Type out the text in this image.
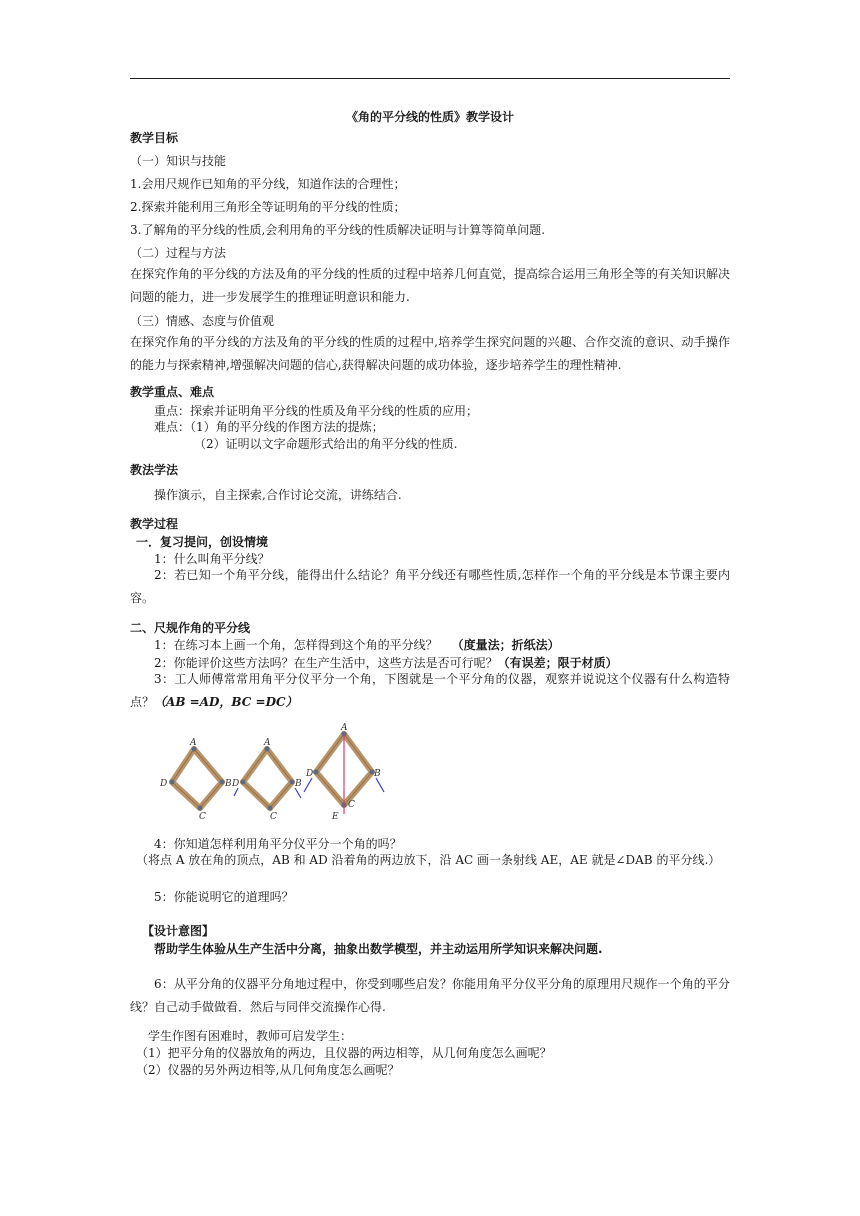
《角的平分线的性质》教学设计
教学目标
（一）知识与技能
1.会用尺规作已知角的平分线，知道作法的合理性；
2.探索并能利用三角形全等证明角的平分线的性质；
3.了解角的平分线的性质,会利用角的平分线的性质解决证明与计算等简单问题.
（二）过程与方法
在探究作角的平分线的方法及角的平分线的性质的过程中培养几何直觉，提高综合运用三角形全等的有关知识解决问题的能力，进一步发展学生的推理证明意识和能力.
（三）情感、态度与价值观
在探究作角的平分线的方法及角的平分线的性质的过程中,培养学生探究问题的兴趣、合作交流的意识、动手操作的能力与探索精神,增强解决问题的信心,获得解决问题的成功体验，逐步培养学生的理性精神.
教学重点、难点
重点：探索并证明角平分线的性质及角平分线的性质的应用；
难点：（1）角的平分线的作图方法的提炼；
（2）证明以文字命题形式给出的角平分线的性质.
教法学法
操作演示，自主探索,合作讨论交流，讲练结合.
教学过程
一．复习提问，创设情境
1：什么叫角平分线？
2：若已知一个角平分线，能得出什么结论？角平分线还有哪些性质,怎样作一个角的平分线是本节课主要内容。
二、尺规作角的平分线
1：在练习本上画一个角，怎样得到这个角的平分线？ （度量法；折纸法）
2：你能评价这些方法吗？在生产生活中，这些方法是否可行呢？（有误差；限于材质）
3：工人师傅常常用角平分仪平分一个角，下图就是一个平分角的仪器，观察并说说这个仪器有什么构造特点？（AB =AD，BC =DC）
A
B
C
D
A
B
C
D
A
B
C
D
E
4：你知道怎样利用角平分仪平分一个角的吗？
（将点 A 放在角的顶点，AB 和 AD 沿着角的两边放下，沿 AC 画一条射线 AE，AE 就是∠DAB 的平分线.）
5：你能说明它的道理吗？
【设计意图】
帮助学生体验从生产生活中分离，抽象出数学模型，并主动运用所学知识来解决问题.
6：从平分角的仪器平分角地过程中，你受到哪些启发？你能用角平分仪平分角的原理用尺规作一个角的平分线？自己动手做做看．然后与同伴交流操作心得.
学生作图有困难时，教师可启发学生：
（1）把平分角的仪器放角的两边，且仪器的两边相等，从几何角度怎么画呢？
（2）仪器的另外两边相等,从几何角度怎么画呢？
